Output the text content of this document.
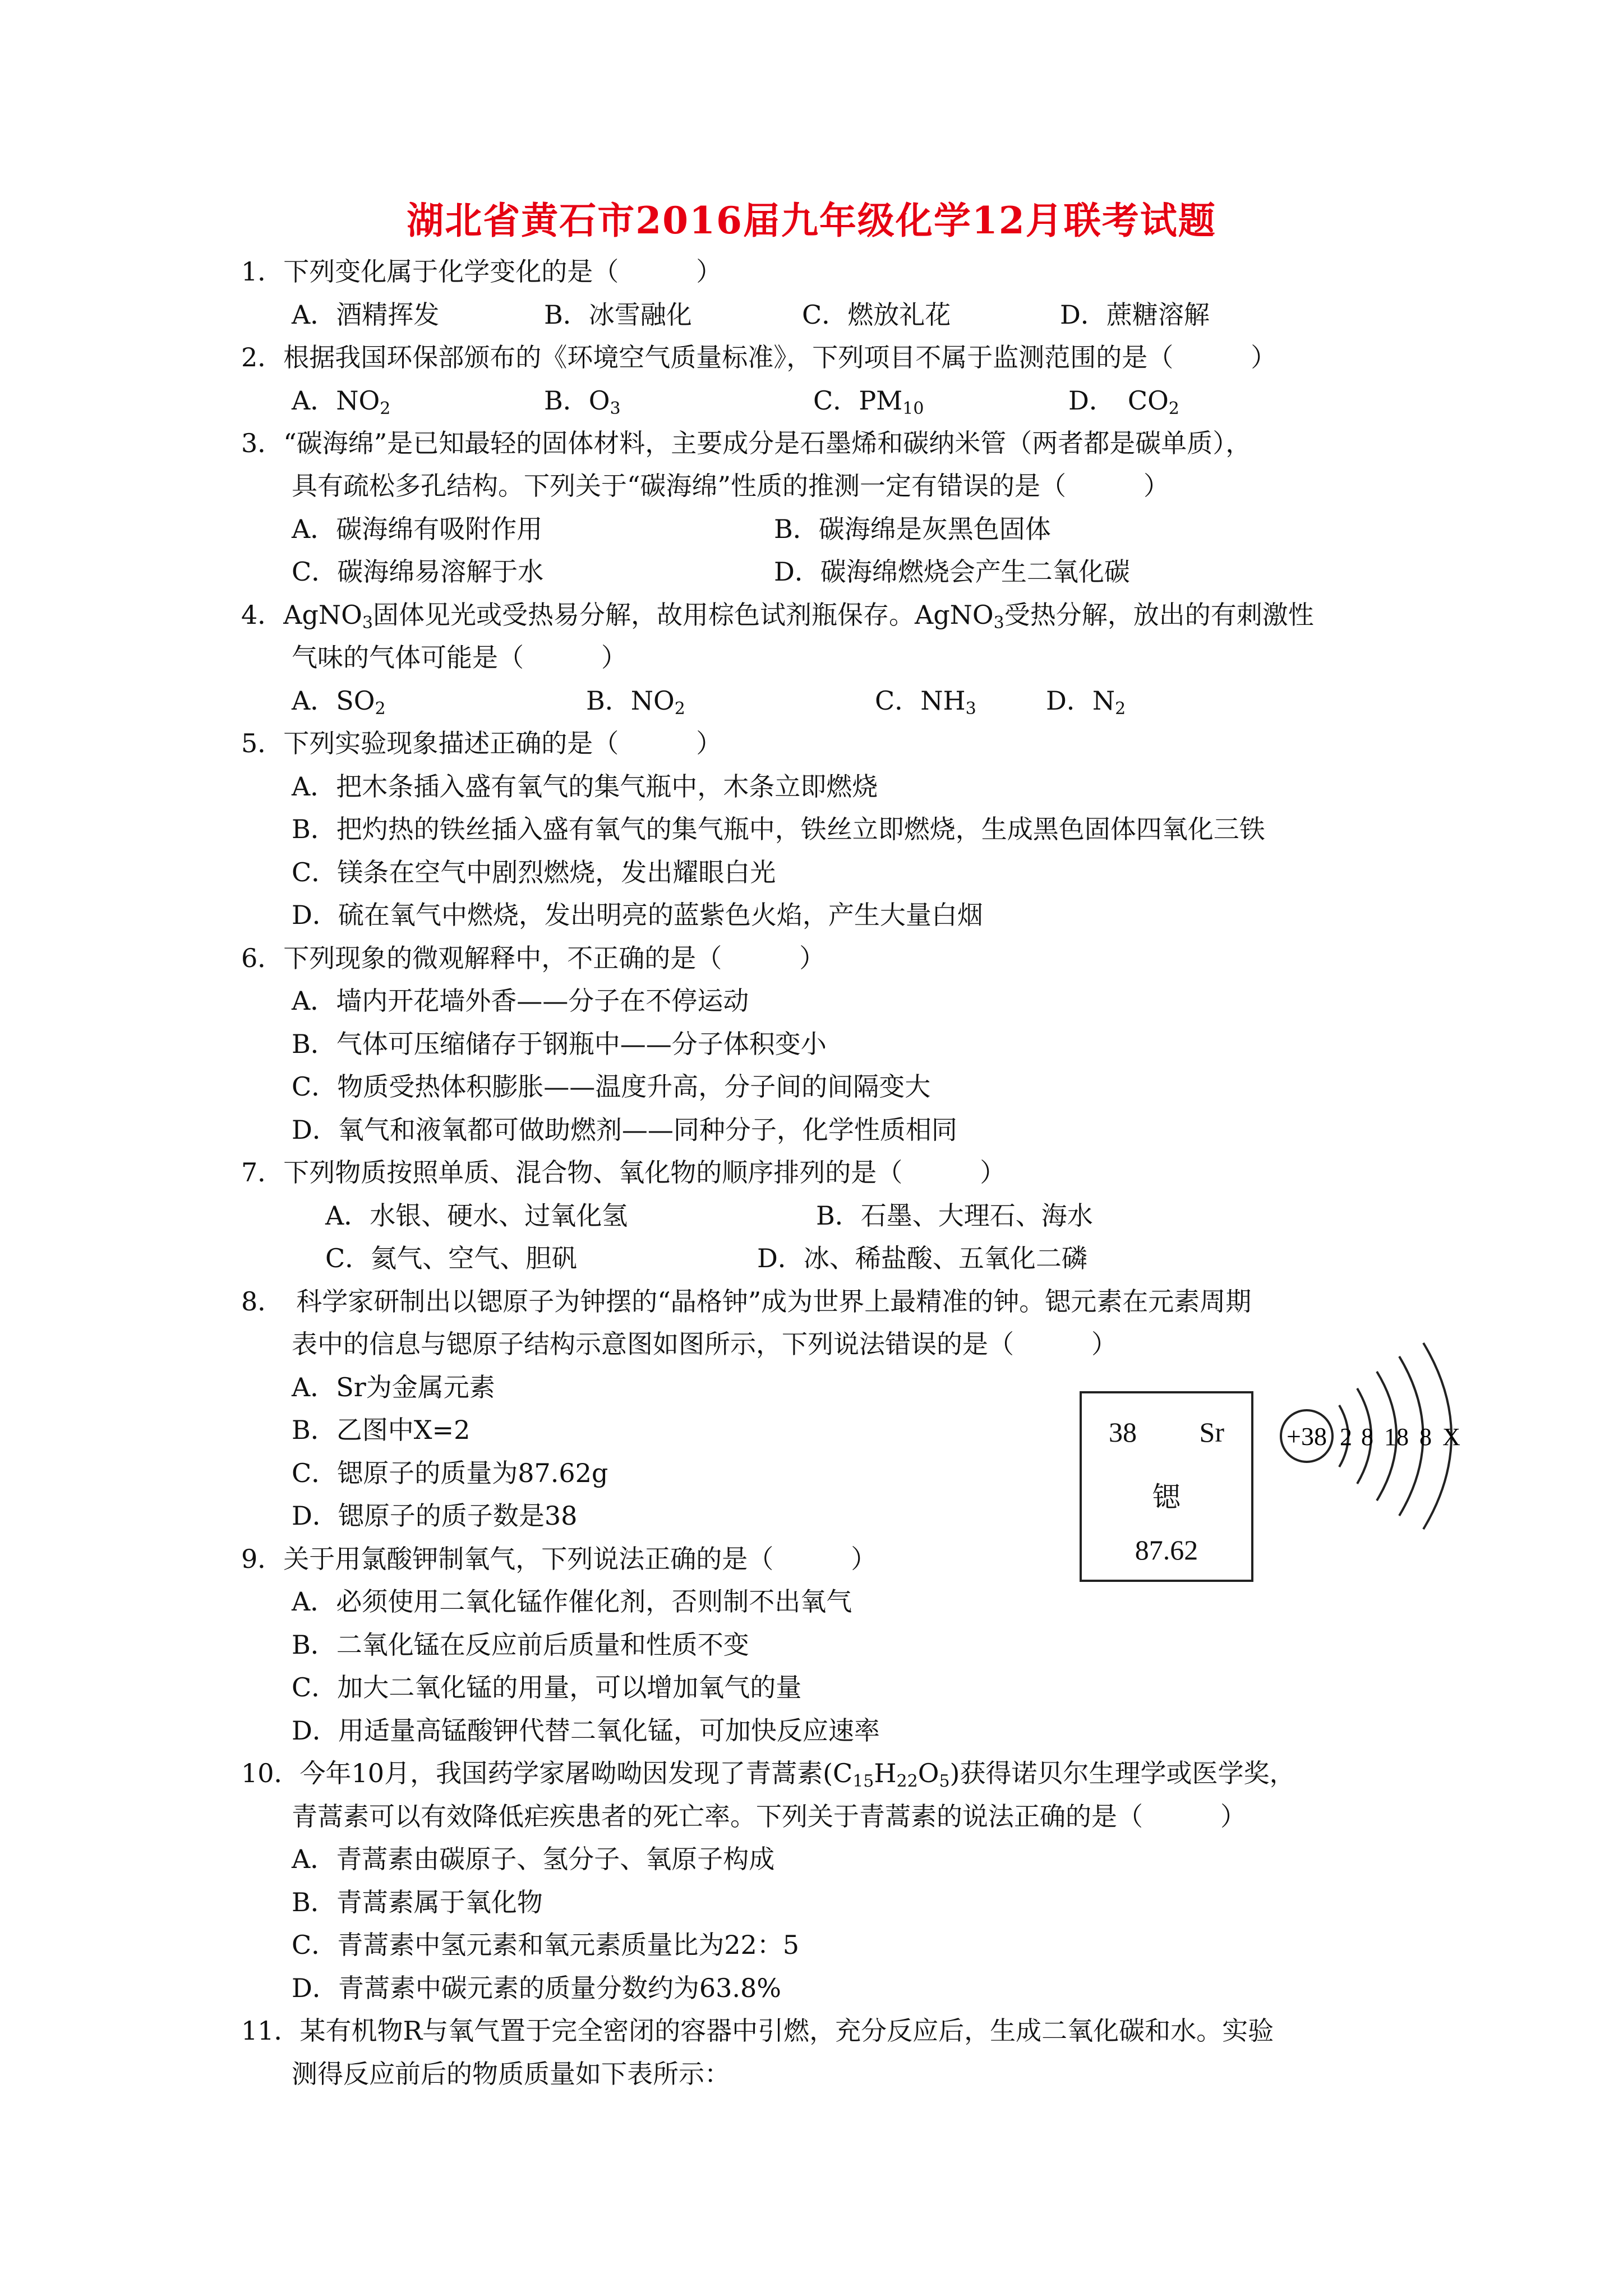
湖北省黄石市2016届九年级化学12月联考试题
1．下列变化属于化学变化的是（　　　）
A．酒精挥发	B．冰雪融化	C．燃放礼花	D．蔗糖溶解
2．根据我国环保部颁布的《环境空气质量标准》，下列项目不属于监测范围的是（　　　）
A．$NO_2$	B．$O_3$	C．$PM_{10}$	D．　$CO_2$
3．“碳海绵”是已知最轻的固体材料，主要成分是石墨烯和碳纳米管（两者都是碳单质），
具有疏松多孔结构。下列关于“碳海绵”性质的推测一定有错误的是（　　　）
A．碳海绵有吸附作用	B．碳海绵是灰黑色固体
C．碳海绵易溶解于水	D．碳海绵燃烧会产生二氧化碳
4．AgNO$_3$固体见光或受热易分解，故用棕色试剂瓶保存。AgNO$_3$受热分解，放出的有刺激性
气味的气体可能是（　　　）
A．$SO_2$	B．$NO_2$	C．$NH_3$	D．$N_2$
5．下列实验现象描述正确的是（　　　）
A．把木条插入盛有氧气的集气瓶中，木条立即燃烧
B．把灼热的铁丝插入盛有氧气的集气瓶中，铁丝立即燃烧，生成黑色固体四氧化三铁
C．镁条在空气中剧烈燃烧，发出耀眼白光
D．硫在氧气中燃烧，发出明亮的蓝紫色火焰，产生大量白烟
6．下列现象的微观解释中，不正确的是（　　　）
A．墙内开花墙外香——分子在不停运动
B．气体可压缩储存于钢瓶中——分子体积变小
C．物质受热体积膨胀——温度升高，分子间的间隔变大
D．氧气和液氧都可做助燃剂——同种分子，化学性质相同
7．下列物质按照单质、混合物、氧化物的顺序排列的是（　　　）
A．水银、硬水、过氧化氢	B．石墨、大理石、海水
C．氦气、空气、胆矾	D．冰、稀盐酸、五氧化二磷
8．　科学家研制出以锶原子为钟摆的“晶格钟”成为世界上最精准的钟。锶元素在元素周期
表中的信息与锶原子结构示意图如图所示，下列说法错误的是（　　　）
A．Sr为金属元素
B．乙图中X=2
C．锶原子的质量为87.62g
D．锶原子的质子数是38
38 Sr
锶
87.62
+38 2 8 18 8 X
9．关于用氯酸钾制氧气，下列说法正确的是（　　　）
A．必须使用二氧化锰作催化剂，否则制不出氧气
B．二氧化锰在反应前后质量和性质不变
C．加大二氧化锰的用量，可以增加氧气的量
D．用适量高锰酸钾代替二氧化锰，可加快反应速率
10．今年10月，我国药学家屠呦呦因发现了青蒿素$(C_{15}H_{22}O_5)$获得诺贝尔生理学或医学奖，
青蒿素可以有效降低疟疾患者的死亡率。下列关于青蒿素的说法正确的是（　　　）
A．青蒿素由碳原子、氢分子、氧原子构成
B．青蒿素属于氧化物
C．青蒿素中氢元素和氧元素质量比为22：5
D．青蒿素中碳元素的质量分数约为63.8%
11．某有机物R与氧气置于完全密闭的容器中引燃，充分反应后，生成二氧化碳和水。实验
测得反应前后的物质质量如下表所示：
